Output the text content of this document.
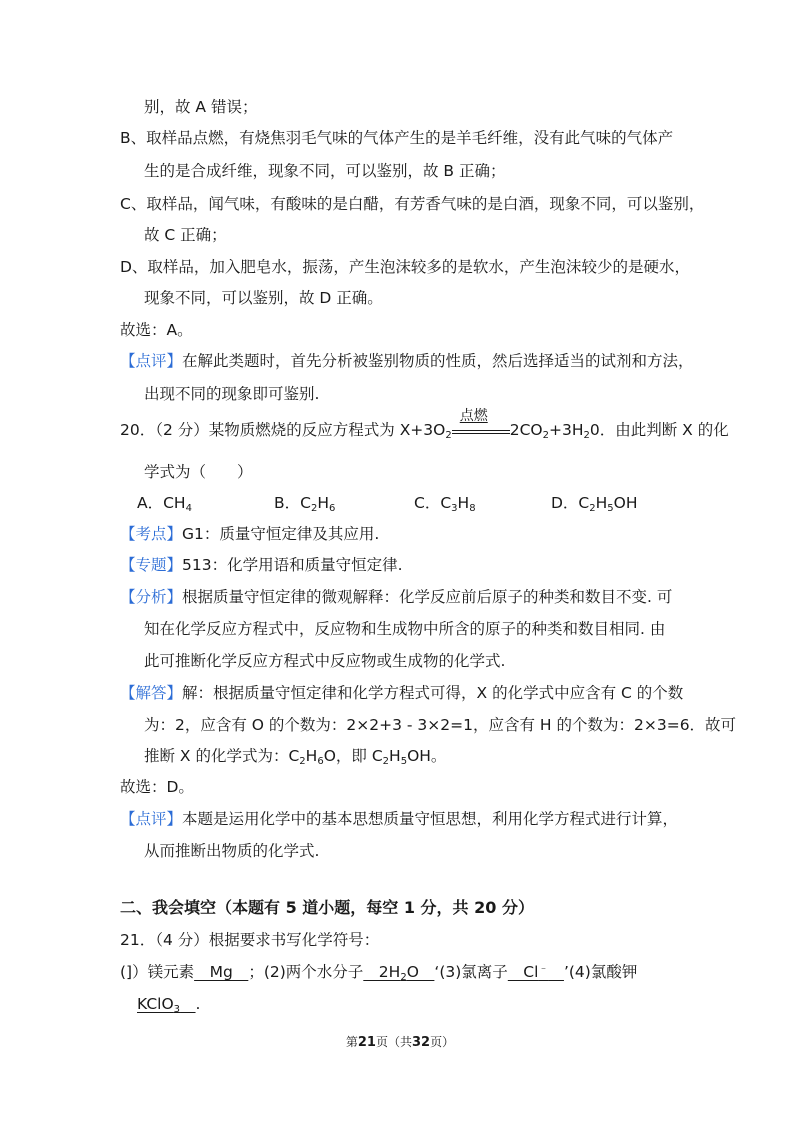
别，故 A 错误；
B、取样品点燃，有烧焦羽毛气味的气体产生的是羊毛纤维，没有此气味的气体产
生的是合成纤维，现象不同，可以鉴别，故 B 正确；
C、取样品，闻气味，有酸味的是白醋，有芳香气味的是白酒，现象不同，可以鉴别，
故 C 正确；
D、取样品，加入肥皂水，振荡，产生泡沫较多的是软水，产生泡沫较少的是硬水，
现象不同，可以鉴别，故 D 正确。
故选：A。
【点评】在解此类题时，首先分析被鉴别物质的性质，然后选择适当的试剂和方法，
出现不同的现象即可鉴别.
20．（2 分）某物质燃烧的反应方程式为 $X+3O_2$
点燃
$2CO_2+3H_20$．由此判断 X 的化
学式为（　　）
A．$CH_4$	B．$C_2H_6$	C．$C_3H_8$	D．$C_2H_5OH$
【考点】G1：质量守恒定律及其应用.
【专题】513：化学用语和质量守恒定律.
【分析】根据质量守恒定律的微观解释：化学反应前后原子的种类和数目不变. 可
知在化学反应方程式中，反应物和生成物中所含的原子的种类和数目相同. 由
此可推断化学反应方程式中反应物或生成物的化学式.
【解答】解：根据质量守恒定律和化学方程式可得，X 的化学式中应含有 C 的个数
为：2，应含有 O 的个数为：2×2+3 - 3×2=1，应含有 H 的个数为：2×3=6．故可
推断 X 的化学式为：$C_2H_6O$，即 $C_2H_5OH$。
故选：D。
【点评】本题是运用化学中的基本思想质量守恒思想，利用化学方程式进行计算，
从而推断出物质的化学式.
二、我会填空（本题有 5 道小题，每空 1 分，共 20 分）
21．（4 分）根据要求书写化学符号：
(]）镁元素　Mg　；(2)两个水分子　$2H_2O$　‘(3)氯离子　Cl﹣　 ’(4)氯酸钾
KClO$_3$　 .
第21页（共32页）
